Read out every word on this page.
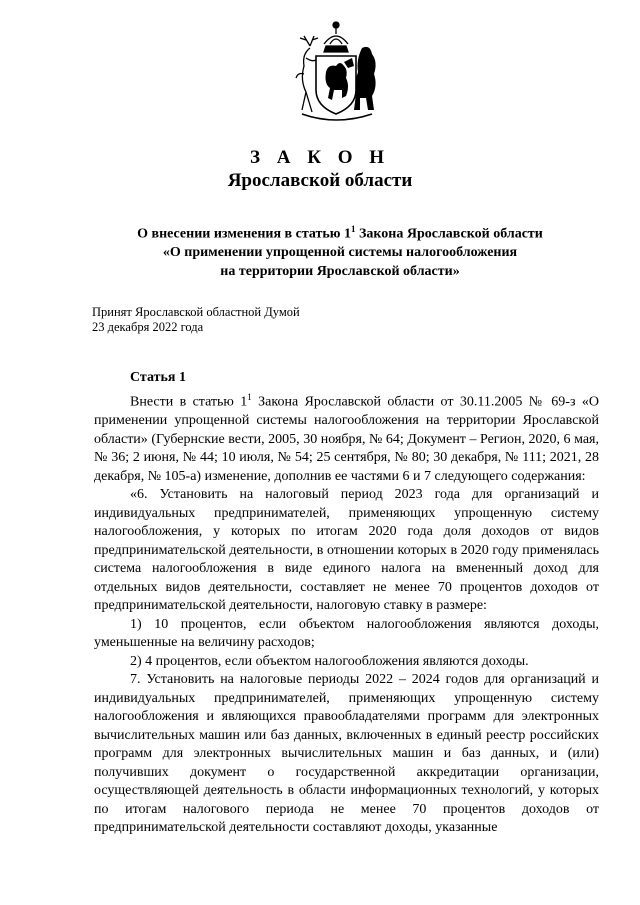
З А К О Н
Ярославской области
О внесении изменения в статью $1^1$ Закона Ярославской области
«О применении упрощенной системы налогообложения
на территории Ярославской области»
Принят Ярославской областной Думой
23 декабря 2022 года
Статья 1

Внести в статью $1^1$ Закона Ярославской области от 30.11.2005 № 69-з «О применении упрощенной системы налогообложения на территории Ярославской области» (Губернские вести, 2005, 30 ноября, № 64; Документ – Регион, 2020, 6 мая, № 36; 2 июня, № 44; 10 июля, № 54; 25 сентября, № 80; 30 декабря, № 111; 2021, 28 декабря, № 105-а) изменение, дополнив ее частями 6 и 7 следующего содержания:

«6. Установить на налоговый период 2023 года для организаций и индивидуальных предпринимателей, применяющих упрощенную систему налогообложения, у которых по итогам 2020 года доля доходов от видов предпринимательской деятельности, в отношении которых в 2020 году применялась система налогообложения в виде единого налога на вмененный доход для отдельных видов деятельности, составляет не менее 70 процентов доходов от предпринимательской деятельности, налоговую ставку в размере:

1) 10 процентов, если объектом налогообложения являются доходы, уменьшенные на величину расходов;

2) 4 процентов, если объектом налогообложения являются доходы.

7. Установить на налоговые периоды 2022 – 2024 годов для организаций и индивидуальных предпринимателей, применяющих упрощенную систему налогообложения и являющихся правообладателями программ для электронных вычислительных машин или баз данных, включенных в единый реестр российских программ для электронных вычислительных машин и баз данных, и (или) получивших документ о государственной аккредитации организации, осуществляющей деятельность в области информационных технологий, у которых по итогам налогового периода не менее 70 процентов доходов от предпринимательской деятельности составляют доходы, указанные
